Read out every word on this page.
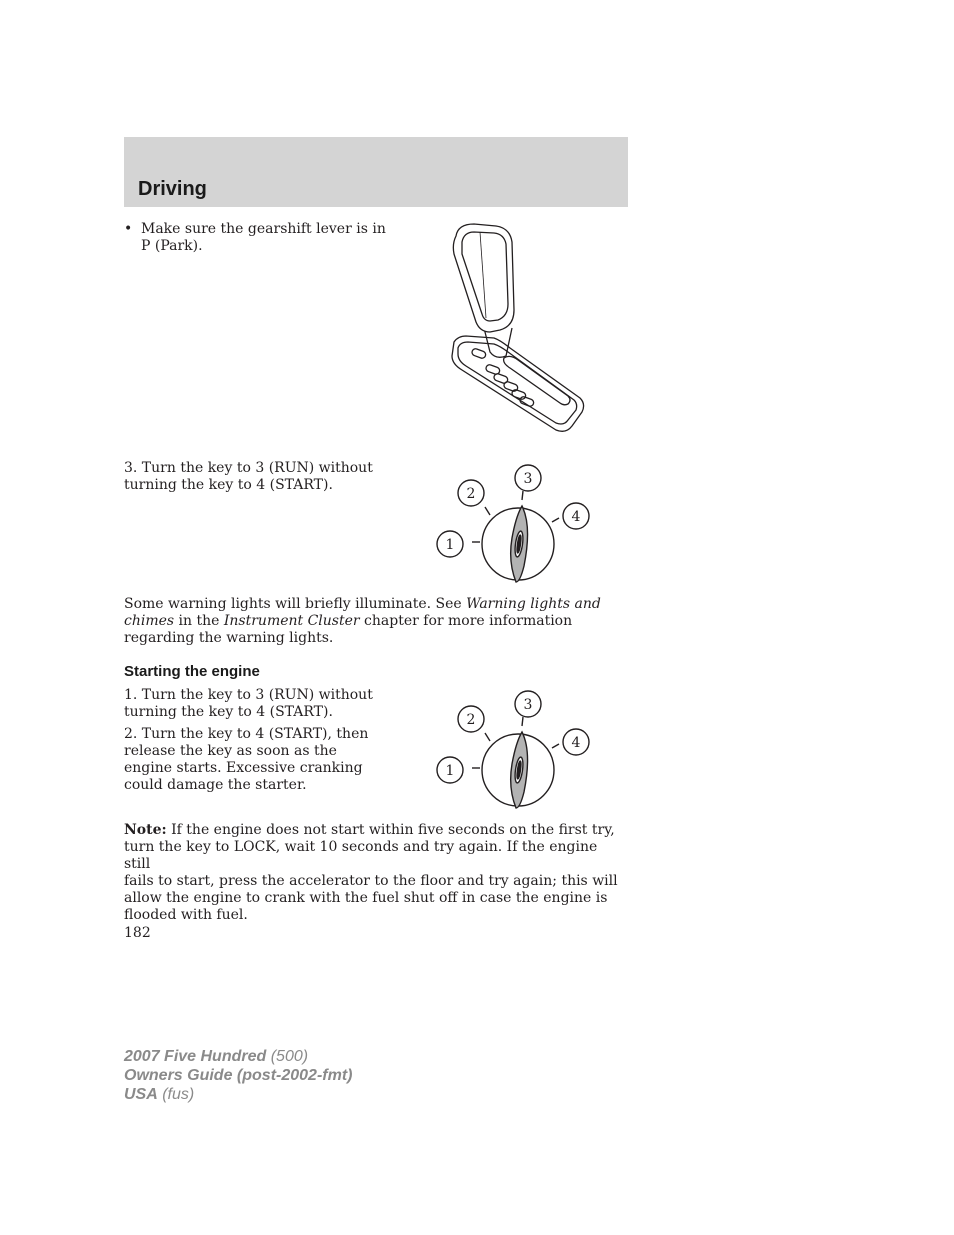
Driving
• Make sure the gearshift lever is in
P (Park).
3. Turn the key to 3 (RUN) without
turning the key to 4 (START).
1
2
3
4
Some warning lights will briefly illuminate. See Warning lights and
chimes in the Instrument Cluster chapter for more information
regarding the warning lights.
Starting the engine
1. Turn the key to 3 (RUN) without
turning the key to 4 (START).
2. Turn the key to 4 (START), then
release the key as soon as the
engine starts. Excessive cranking
could damage the starter.
1
2
3
4
Note: If the engine does not start within five seconds on the first try,
turn the key to LOCK, wait 10 seconds and try again. If the engine still
fails to start, press the accelerator to the floor and try again; this will
allow the engine to crank with the fuel shut off in case the engine is
flooded with fuel.
182
2007 Five Hundred (500)
Owners Guide (post-2002-fmt)
USA (fus)
